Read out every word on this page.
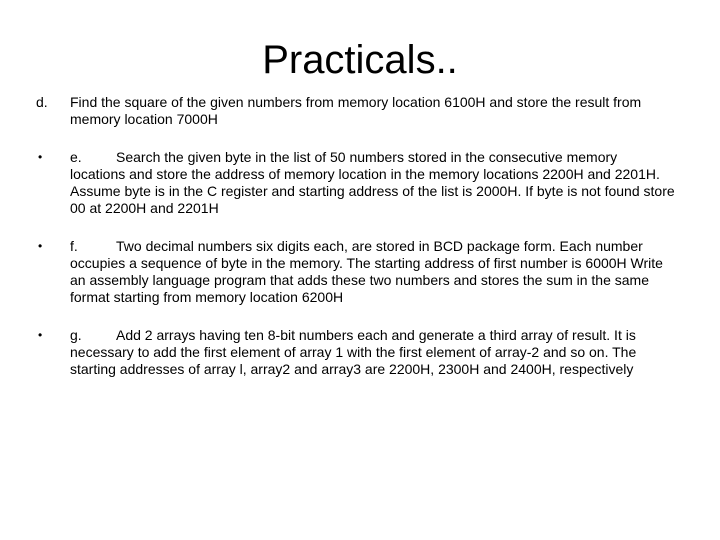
Practicals..
d.	Find the square of the given numbers from memory location 6100H and store the result from memory location 7000H
•	e. Search the given byte in the list of 50 numbers stored in the consecutive memory locations and store the address of memory location in the memory locations 2200H and 2201H. Assume byte is in the C register and starting address of the list is 2000H. If byte is not found store 00 at 2200H and 2201H
•	f.	Two decimal numbers six digits each, are stored in BCD package form. Each number occupies a sequence of byte in the memory. The starting address of first number is 6000H Write an assembly language program that adds these two numbers and stores the sum in the same format starting from memory location 6200H
•	g. Add 2 arrays having ten 8-bit numbers each and generate a third array of result. It is necessary to add the first element of array 1 with the first element of array-2 and so on. The starting addresses of array l, array2 and array3 are 2200H, 2300H and 2400H, respectively
